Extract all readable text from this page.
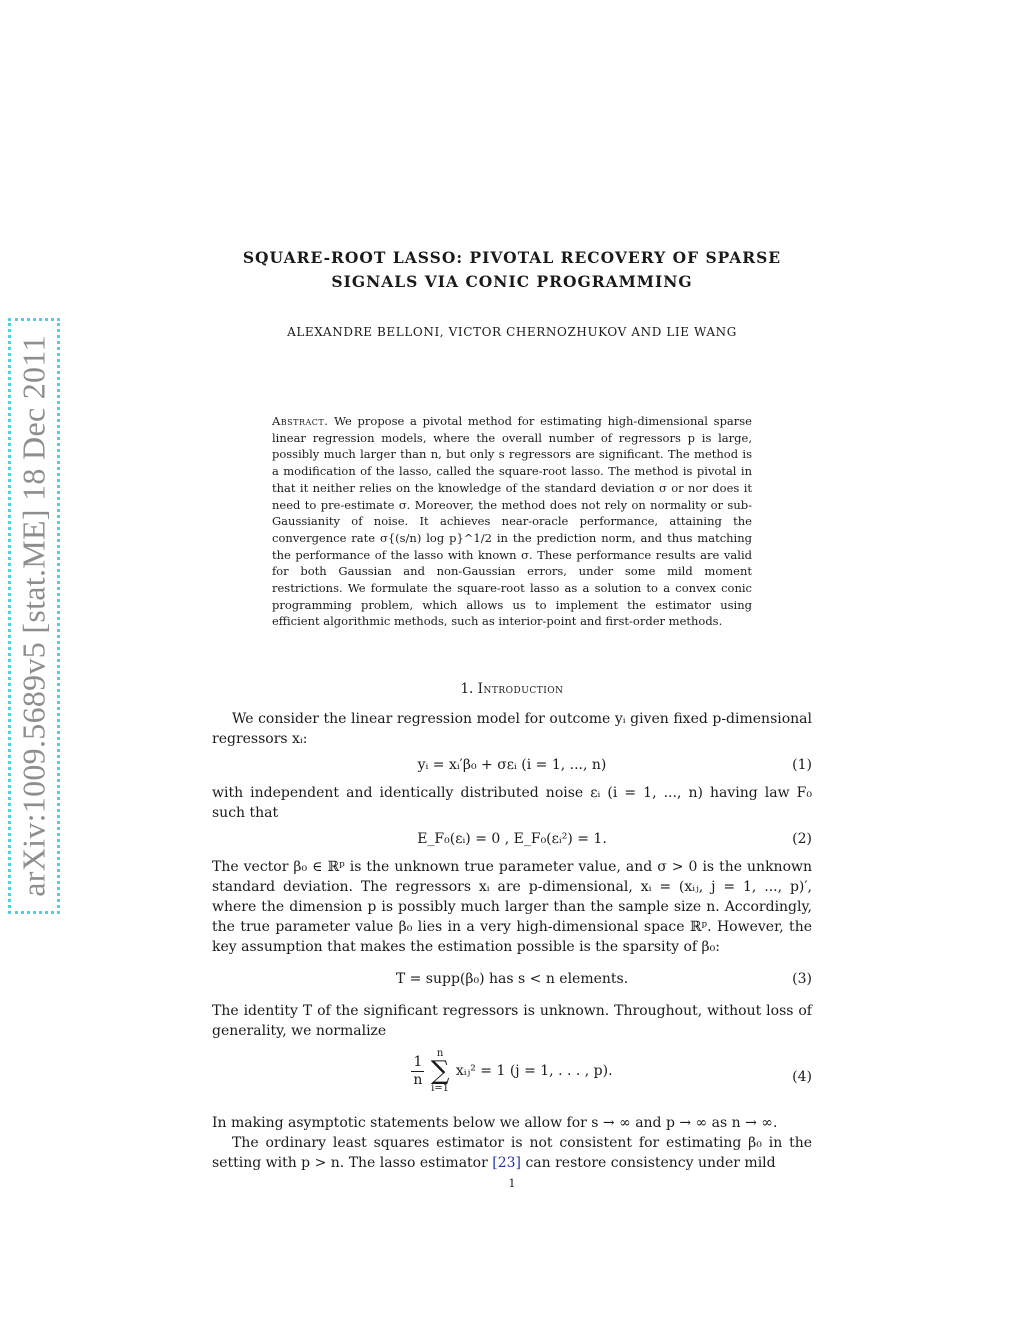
arXiv:1009.5689v5 [stat.ME] 18 Dec 2011
SQUARE-ROOT LASSO: PIVOTAL RECOVERY OF SPARSE
SIGNALS VIA CONIC PROGRAMMING
ALEXANDRE BELLONI, VICTOR CHERNOZHUKOV AND LIE WANG
Abstract. We propose a pivotal method for estimating high-dimensional sparse linear regression models, where the overall number of regressors p is large, possibly much larger than n, but only s regressors are significant. The method is a modification of the lasso, called the square-root lasso. The method is pivotal in that it neither relies on the knowledge of the standard deviation σ or nor does it need to pre-estimate σ. Moreover, the method does not rely on normality or sub-Gaussianity of noise. It achieves near-oracle performance, attaining the convergence rate σ{(s/n) log p}^1/2 in the prediction norm, and thus matching the performance of the lasso with known σ. These performance results are valid for both Gaussian and non-Gaussian errors, under some mild moment restrictions. We formulate the square-root lasso as a solution to a convex conic programming problem, which allows us to implement the estimator using efficient algorithmic methods, such as interior-point and first-order methods.
1. Introduction
We consider the linear regression model for outcome yᵢ given fixed p-dimensional regressors xᵢ:
yᵢ = xᵢ′β₀ + σεᵢ (i = 1, ..., n)	(1)
with independent and identically distributed noise εᵢ (i = 1, ..., n) having law F₀ such that
E_F₀(εᵢ) = 0 , E_F₀(εᵢ²) = 1.	(2)
The vector β₀ ∈ ℝᵖ is the unknown true parameter value, and σ > 0 is the unknown standard deviation. The regressors xᵢ are p-dimensional, xᵢ = (xᵢⱼ, j = 1, ..., p)′, where the dimension p is possibly much larger than the sample size n. Accordingly, the true parameter value β₀ lies in a very high-dimensional space ℝᵖ. However, the key assumption that makes the estimation possible is the sparsity of β₀:
T = supp(β₀) has s < n elements.	(3)
The identity T of the significant regressors is unknown. Throughout, without loss of generality, we normalize
$\frac{1}{n}$
	n
∑
i=1
xᵢⱼ² = 1 (j = 1, . . . , p).	(4)
In making asymptotic statements below we allow for s → ∞ and p → ∞ as n → ∞.
The ordinary least squares estimator is not consistent for estimating β₀ in the setting with p > n. The lasso estimator [23] can restore consistency under mild
1
